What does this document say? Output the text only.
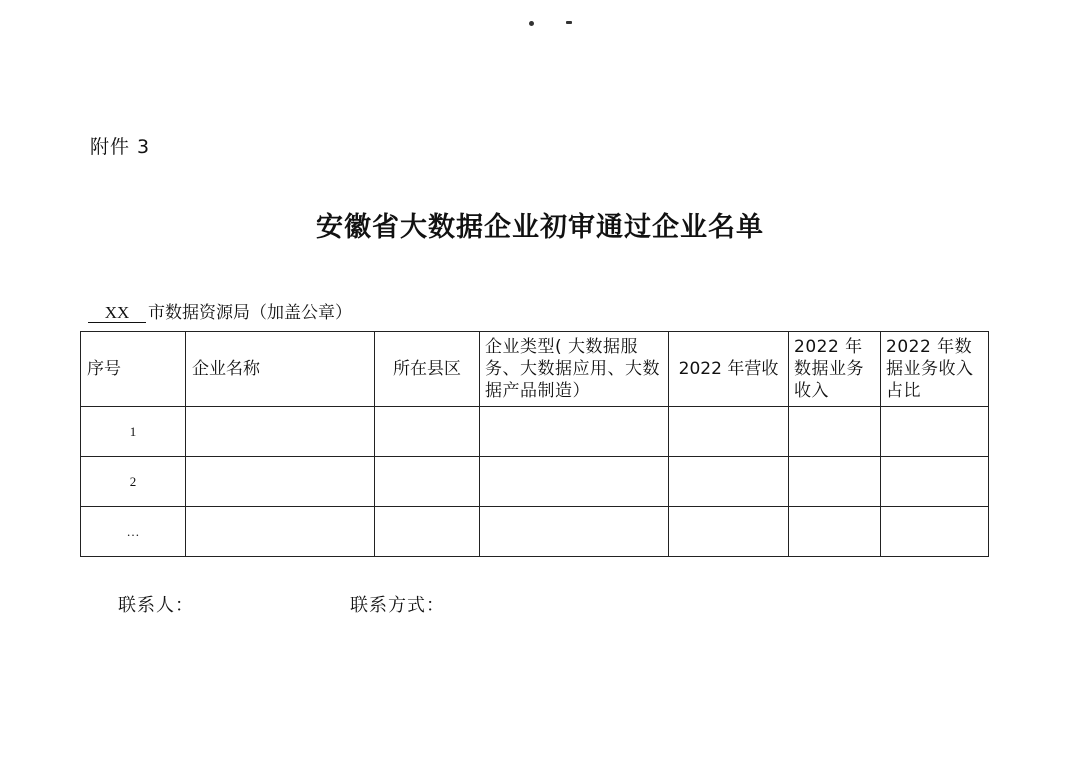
附件 3
安徽省大数据企业初审通过企业名单
XX 市数据资源局（加盖公章）
序号	企业名称	所在县区	企业类型( 大数据服务、大数据应用、大数据产品制造）	2022 年营收	2022 年数据业务收入	2022 年数据业务收入占比
1						
2						
…						
联系人：	联系方式：
